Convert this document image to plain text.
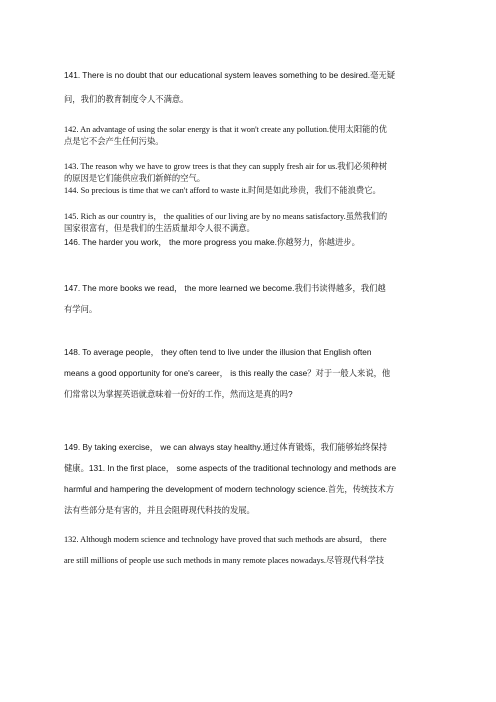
141. There is no doubt that our educational system leaves something to be desired.毫无疑
问，我们的教育制度令人不满意。
142. An advantage of using the solar energy is that it won't create any pollution.使用太阳能的优
点是它不会产生任何污染。
143. The reason why we have to grow trees is that they can supply fresh air for us.我们必须种树
的原因是它们能供应我们新鲜的空气。
144. So precious is time that we can't afford to waste it.时间是如此珍贵，我们不能浪费它。
145. Rich as our country is， the qualities of our living are by no means satisfactory.虽然我们的
国家很富有，但是我们的生活质量却令人很不满意。
146. The harder you work， the more progress you make.你越努力，你越进步。
147. The more books we read， the more learned we become.我们书读得越多，我们越
有学问。
148. To average people， they often tend to live under the illusion that English often
means a good opportunity for one's career， is this really the case？对于一般人来说，他
们常常以为掌握英语就意味着一份好的工作，然而这是真的吗?
149. By taking exercise， we can always stay healthy.通过体育锻炼，我们能够始终保持
健康。131. In the first place， some aspects of the traditional technology and methods are
harmful and hampering the development of modern technology science.首先，传统技术方
法有些部分是有害的，并且会阻碍现代科技的发展。
132. Although modern science and technology have proved that such methods are absurd， there
are still millions of people use such methods in many remote places nowadays.尽管现代科学技
